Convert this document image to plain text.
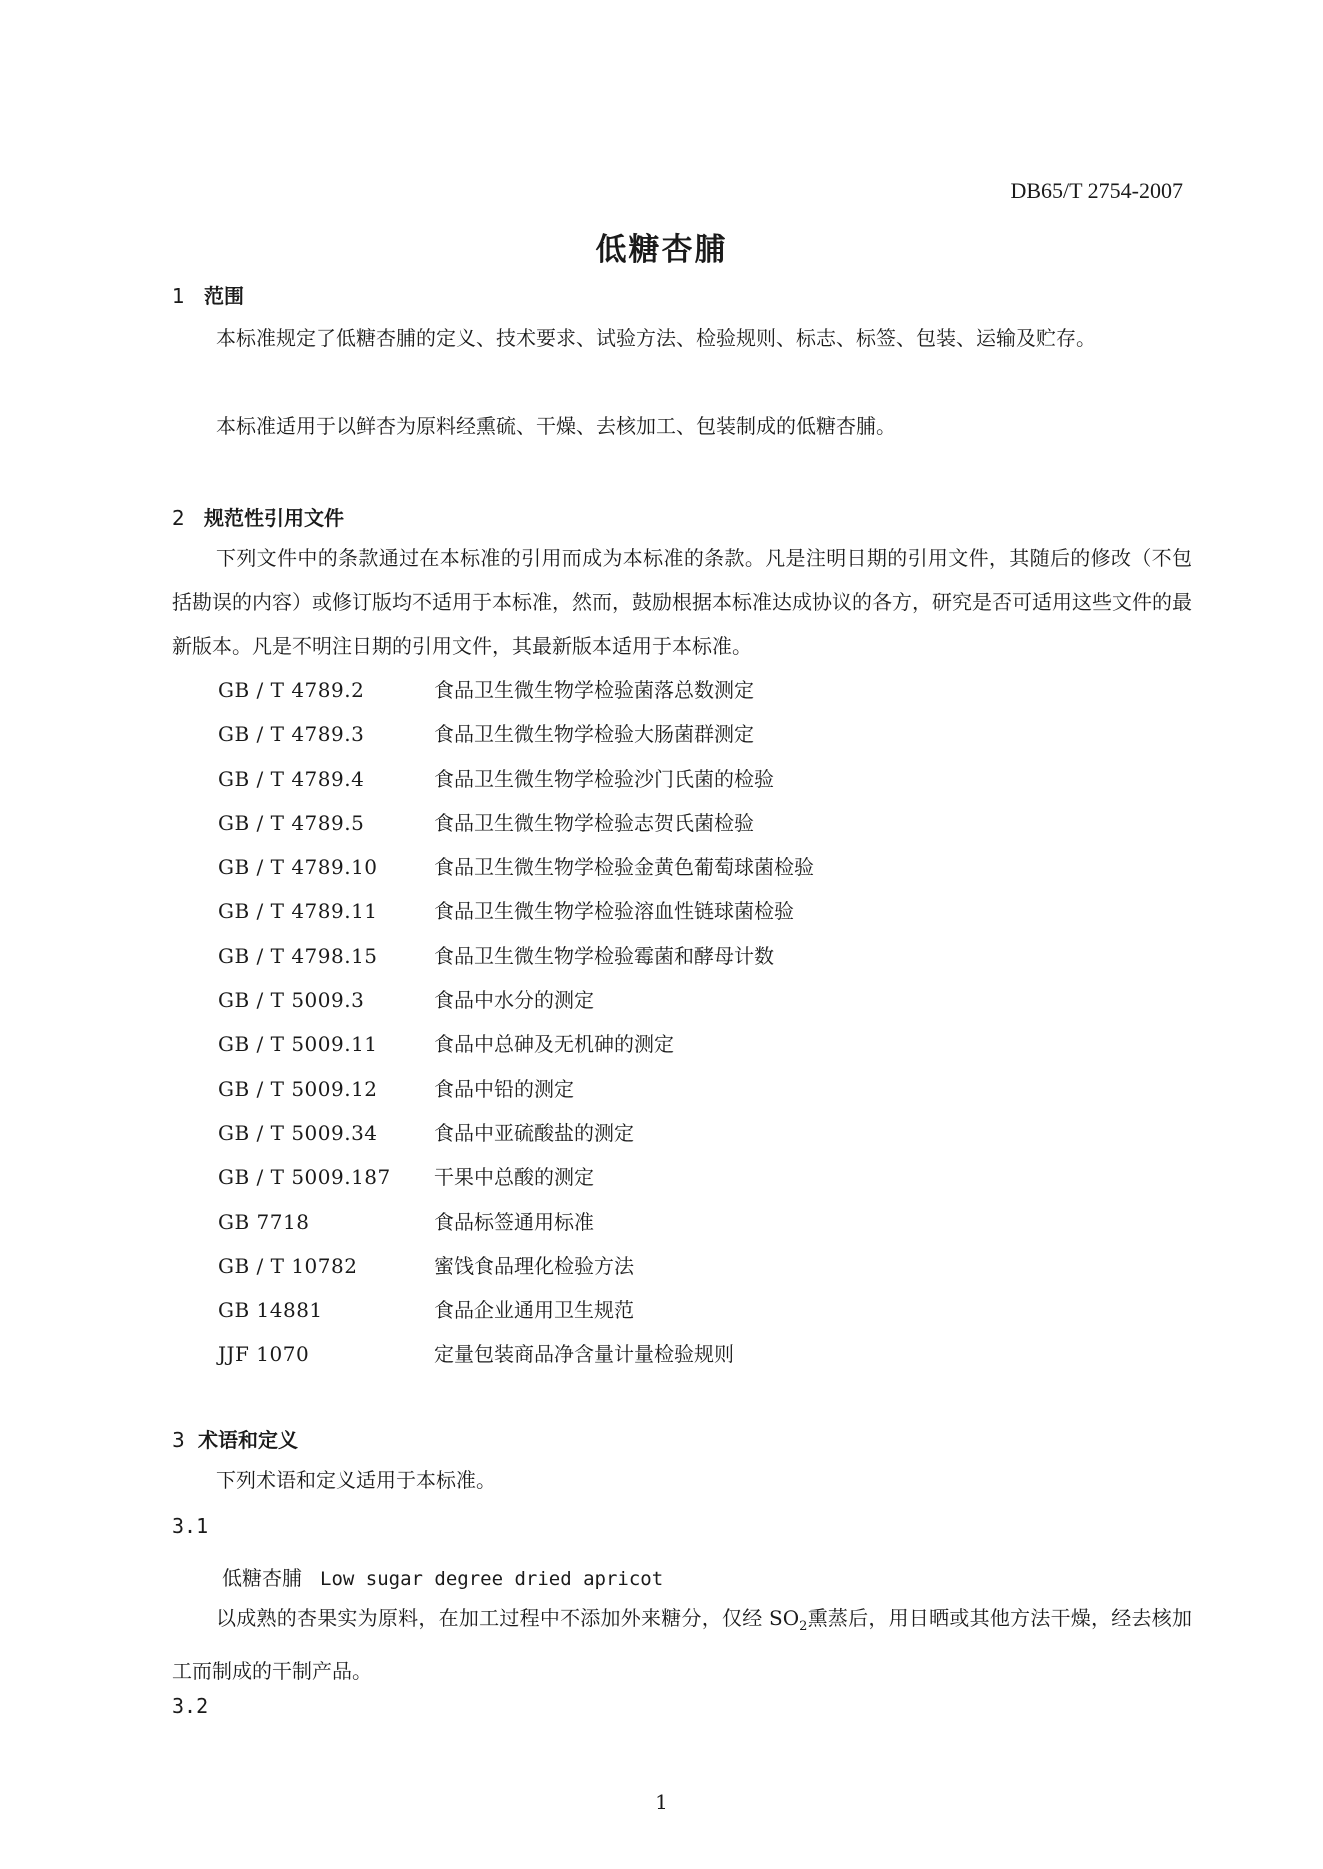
DB65/T 2754-2007
低糖杏脯
1 范围
本标准规定了低糖杏脯的定义、技术要求、试验方法、检验规则、标志、标签、包装、运输及贮存。
本标准适用于以鲜杏为原料经熏硫、干燥、去核加工、包装制成的低糖杏脯。
2 规范性引用文件
下列文件中的条款通过在本标准的引用而成为本标准的条款。凡是注明日期的引用文件，其随后的修改（不包括勘误的内容）或修订版均不适用于本标准，然而，鼓励根据本标准达成协议的各方，研究是否可适用这些文件的最新版本。凡是不明注日期的引用文件，其最新版本适用于本标准。
GB / T 4789.2	食品卫生微生物学检验菌落总数测定
GB / T 4789.3	食品卫生微生物学检验大肠菌群测定
GB / T 4789.4	食品卫生微生物学检验沙门氏菌的检验
GB / T 4789.5	食品卫生微生物学检验志贺氏菌检验
GB / T 4789.10	食品卫生微生物学检验金黄色葡萄球菌检验
GB / T 4789.11	食品卫生微生物学检验溶血性链球菌检验
GB / T 4798.15	食品卫生微生物学检验霉菌和酵母计数
GB / T 5009.3	食品中水分的测定
GB / T 5009.11	食品中总砷及无机砷的测定
GB / T 5009.12	食品中铅的测定
GB / T 5009.34	食品中亚硫酸盐的测定
GB / T 5009.187 干果中总酸的测定
GB 7718	食品标签通用标准
GB / T 10782	蜜饯食品理化检验方法
GB 14881	食品企业通用卫生规范
JJF 1070	定量包装商品净含量计量检验规则
3 术语和定义
下列术语和定义适用于本标准。
3.1
低糖杏脯 Low sugar degree dried apricot
以成熟的杏果实为原料，在加工过程中不添加外来糖分，仅经 $SO_2$熏蒸后，用日晒或其他方法干燥，经去核加工而制成的干制产品。
3.2
1
